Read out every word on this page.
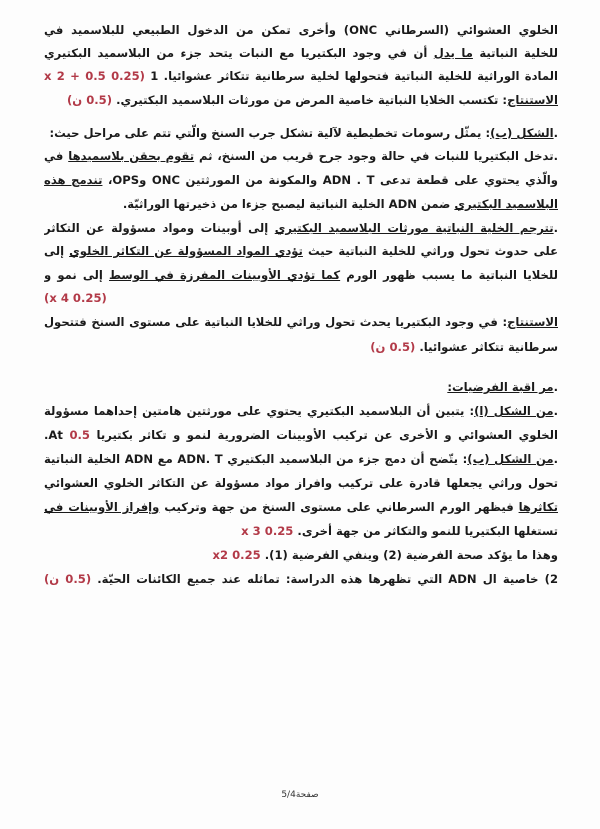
الخلوي العشوائي (السرطاني ONC) وأخرى تمكن من الدخول الطبيعي للبلاسميد في
للخلية النباتية ما يدل أن في وجود البكتيريا مع النبات يتحد جزء من البلاسميد البكتيري
المادة الوراثية للخلية النباتية فتحولها لخلية سرطانية تتكاثر عشوائيا. 1 (0.25 0.5 + 2 x
الاستنتاج: تكتسب الخلايا النباتية خاصية المرض من مورثات البلاسميد البكتيري. (0.5 ن)
.الشكل (ب): يمثّل رسومات تخطيطية لآلية تشكل جرب السنخ والّتي تتم على مراحل حيث:
.تدخل البكتيريا للنبات في حالة وجود جرح قريب من السنخ، ثم تقوم بحقن بلاسميدها في
والّذي يحتوي على قطعة تدعى ADN . T والمكونة من المورثتين ONC وOPS، تندمج هذه
البلاسميد البكتيري ضمن ADN الخلية النباتية ليصبح جزءا من ذخيرتها الوراثيّة.
.تترجم الخلية النباتية مورثات البلاسميد البكتيري إلى أوبينات ومواد مسؤولة عن التكاثر
على حدوث تحول وراثي للخلية النباتية حيث تؤدي المواد المسؤولة عن التكاثر الخلوي إلى
للخلايا النباتية ما يسبب ظهور الورم كما تؤدي الأوبينات المفرزة في الوسط إلى نمو و
(x 4 0.25)
الاستنتاج: في وجود البكتيريا يحدث تحول وراثي للخلايا النباتية على مستوى السنخ فتتحول
سرطانية تتكاثر عشوائيا. (0.5 ن)
.مر اقبة الفرضيات:
.من الشكل (ا): يتبين أن البلاسميد البكتيري يحتوي على مورثتين هامتين إحداهما مسؤولة
الخلوي العشوائي و الأخرى عن تركيب الأوبينات الضرورية لنمو و تكاثر بكتيريا 0.5 At.
.من الشكل (ب): يتّضح أن دمج جزء من البلاسميد البكتيري ADN. T مع ADN الخلية النباتية
تحول وراثي يجعلها قادرة على تركيب وافراز مواد مسؤولة عن التكاثر الخلوي العشوائي
تكاثرها فيظهر الورم السرطاني على مستوى السنخ من جهة وتركيب وإفراز الأوبينات في
تستغلها البكتيريا للنمو والتكاثر من جهة أخرى. 0.25 x 3
وهذا ما يؤكد صحة الفرضية (2) وينفي الفرضية (1). 0.25 x2
2) خاصية ال ADN التي تظهرها هذه الدراسة: تماثله عند جميع الكائنات الحيّة. (0.5 ن)
صفحة5/4
